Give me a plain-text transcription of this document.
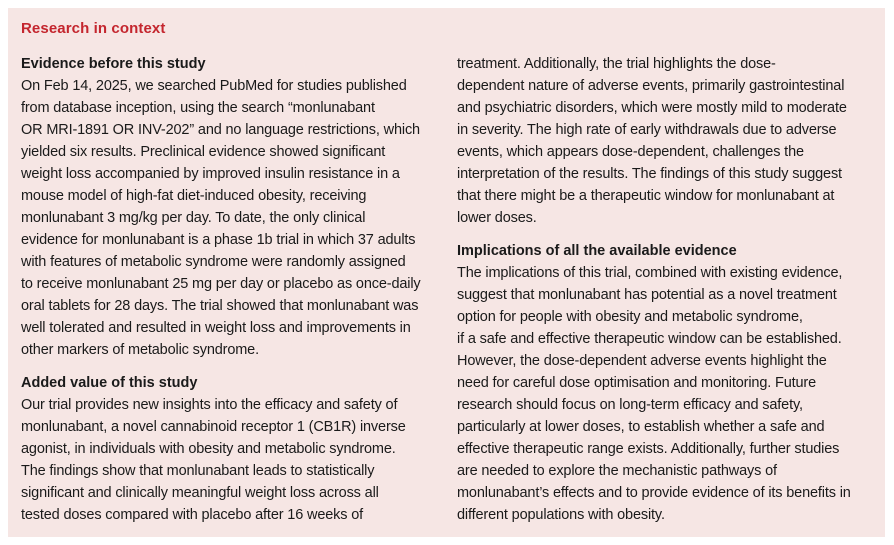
Research in context
Evidence before this study

On Feb 14, 2025, we searched PubMed for studies published

from database inception, using the search “monlunabant

OR MRI-1891 OR INV-202” and no language restrictions, which

yielded six results. Preclinical evidence showed significant

weight loss accompanied by improved insulin resistance in a

mouse model of high-fat diet-induced obesity, receiving

monlunabant 3 mg/kg per day. To date, the only clinical

evidence for monlunabant is a phase 1b trial in which 37 adults

with features of metabolic syndrome were randomly assigned

to receive monlunabant 25 mg per day or placebo as once-daily

oral tablets for 28 days. The trial showed that monlunabant was

well tolerated and resulted in weight loss and improvements in

other markers of metabolic syndrome.

Added value of this study

Our trial provides new insights into the efficacy and safety of

monlunabant, a novel cannabinoid receptor 1 (CB1R) inverse

agonist, in individuals with obesity and metabolic syndrome.

The findings show that monlunabant leads to statistically

significant and clinically meaningful weight loss across all

tested doses compared with placebo after 16 weeks of

treatment. Additionally, the trial highlights the dose-

dependent nature of adverse events, primarily gastrointestinal

and psychiatric disorders, which were mostly mild to moderate

in severity. The high rate of early withdrawals due to adverse

events, which appears dose-dependent, challenges the

interpretation of the results. The findings of this study suggest

that there might be a therapeutic window for monlunabant at

lower doses.

Implications of all the available evidence

The implications of this trial, combined with existing evidence,

suggest that monlunabant has potential as a novel treatment

option for people with obesity and metabolic syndrome,

if a safe and effective therapeutic window can be established.

However, the dose-dependent adverse events highlight the

need for careful dose optimisation and monitoring. Future

research should focus on long-term efficacy and safety,

particularly at lower doses, to establish whether a safe and

effective therapeutic range exists. Additionally, further studies

are needed to explore the mechanistic pathways of

monlunabant’s effects and to provide evidence of its benefits in

different populations with obesity.
